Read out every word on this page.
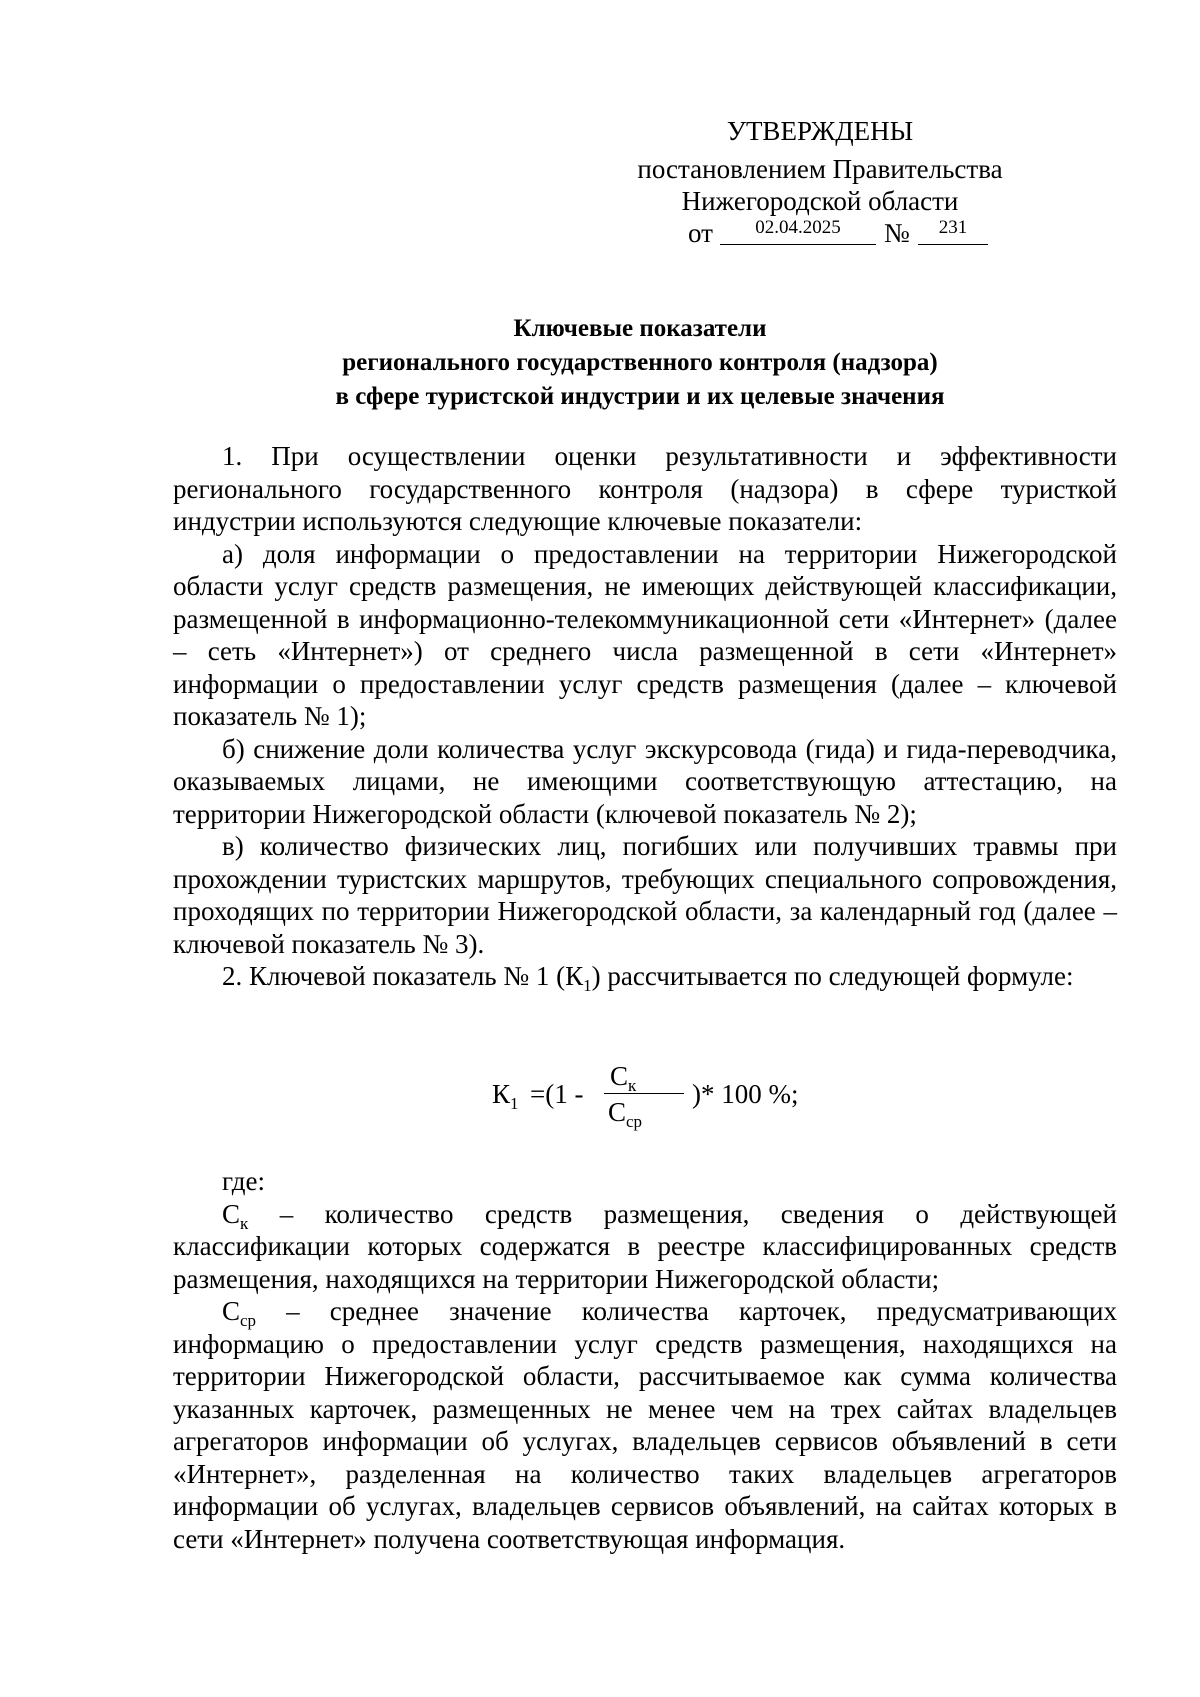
УТВЕРЖДЕНЫ
постановлением Правительства
Нижегородской области
от	02.04.2025	№	231
Ключевые показатели
регионального государственного контроля (надзора)
в сфере туристской индустрии и их целевые значения

1. При осуществлении оценки результативности и эффективности регионального государственного контроля (надзора) в сфере туристкой индустрии используются следующие ключевые показатели:

а) доля информации о предоставлении на территории Нижегородской области услуг средств размещения, не имеющих действующей классификации, размещенной в информационно-телекоммуникационной сети «Интернет» (далее – сеть «Интернет») от среднего числа размещенной в сети «Интернет» информации о предоставлении услуг средств размещения (далее – ключевой показатель № 1);

б) снижение доли количества услуг экскурсовода (гида) и гида-переводчика, оказываемых лицами, не имеющими соответствующую аттестацию, на территории Нижегородской области (ключевой показатель № 2);

в) количество физических лиц, погибших или получивших травмы при прохождении туристских маршрутов, требующих специального сопровождения, проходящих по территории Нижегородской области, за календарный год (далее – ключевой показатель № 3).

2. Ключевой показатель № 1 $(К_1)$ рассчитывается по следующей формуле:

$К_1 =(1$ -
$С_к$
$С_{ср}$
)* 100 %;

где:

$С_к$ – количество средств размещения, сведения о действующей классификации которых содержатся в реестре классифицированных средств размещения, находящихся на территории Нижегородской области;

$С_{ср}$ – среднее значение количества карточек, предусматривающих информацию о предоставлении услуг средств размещения, находящихся на территории Нижегородской области, рассчитываемое как сумма количества указанных карточек, размещенных не менее чем на трех сайтах владельцев агрегаторов информации об услугах, владельцев сервисов объявлений в сети «Интернет», разделенная на количество таких владельцев агрегаторов информации об услугах, владельцев сервисов объявлений, на сайтах которых в сети «Интернет» получена соответствующая информация.
